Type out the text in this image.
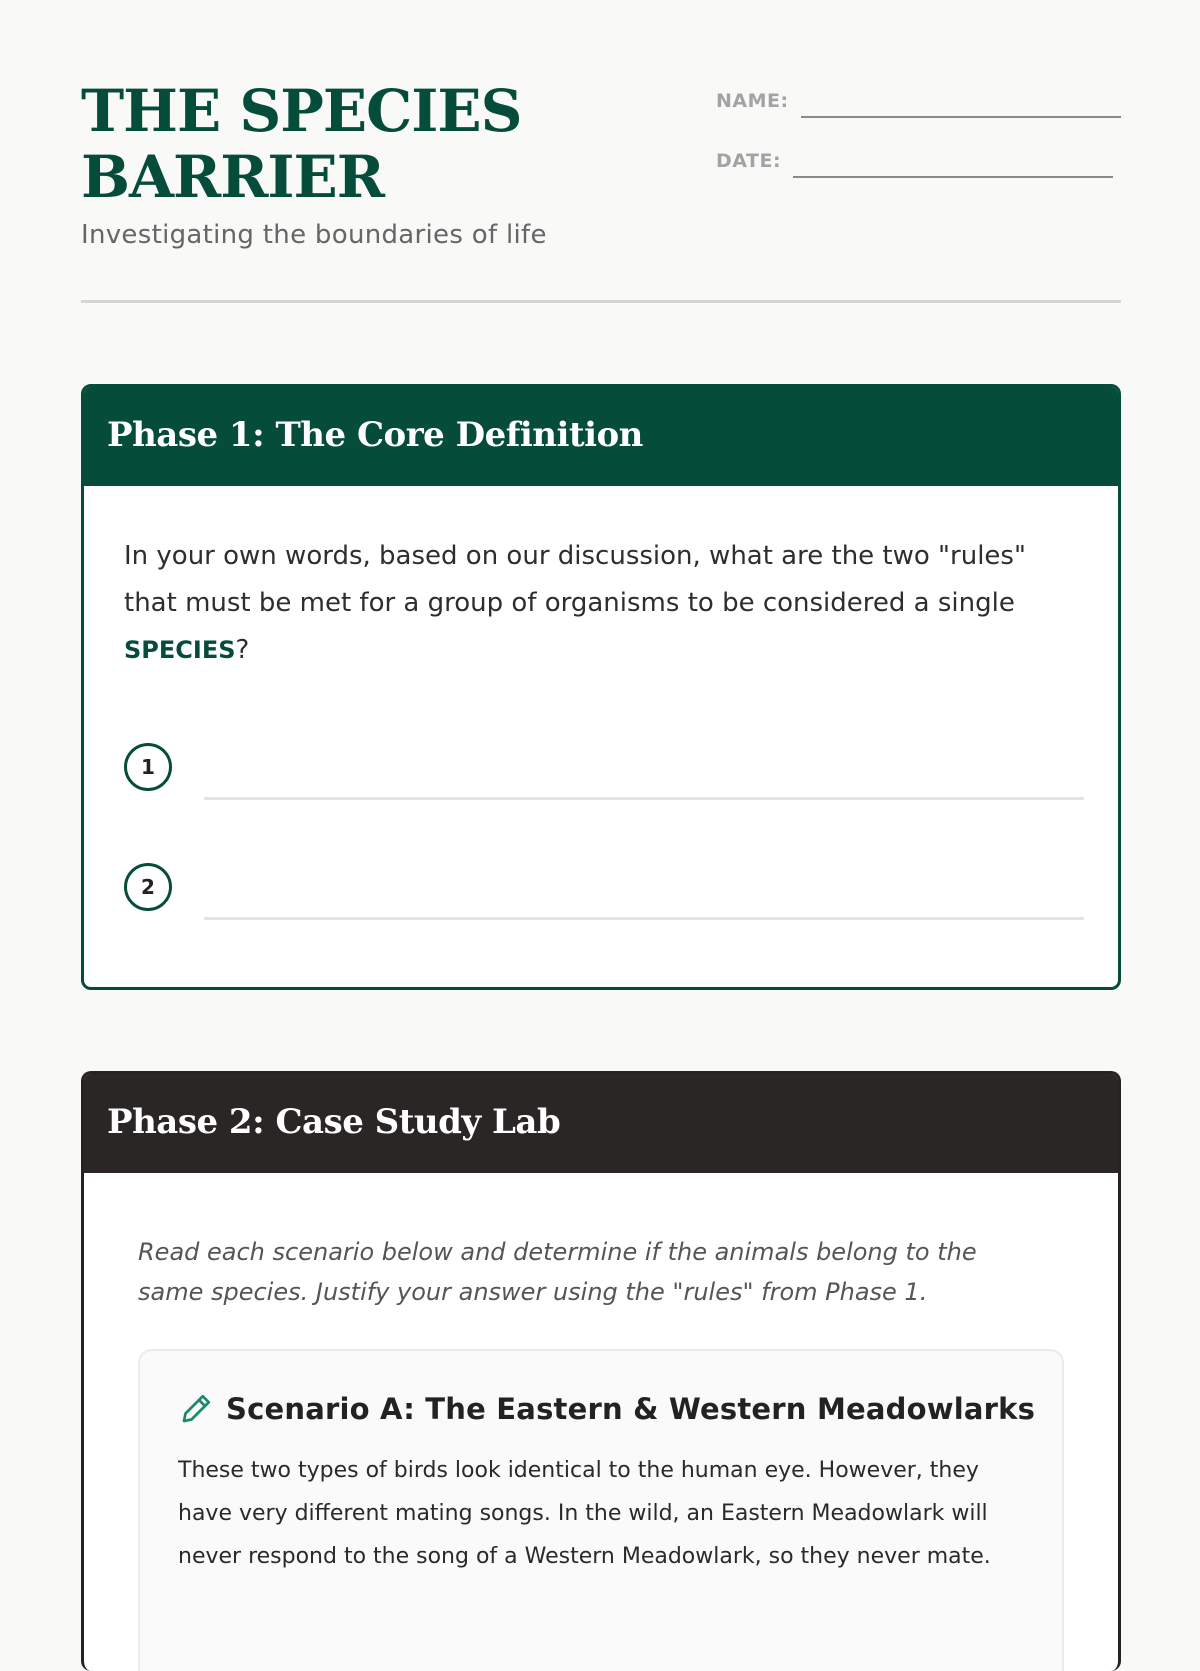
THE SPECIES BARRIER

Investigating the boundaries of life

NAME:
DATE:
Phase 1: The Core Definition

In your own words, based on our discussion, what are the two "rules" that must be met for a group of organisms to be considered a single SPECIES?

1
2
Phase 2: Case Study Lab

Read each scenario below and determine if the animals belong to the same species. Justify your answer using the "rules" from Phase 1.

Scenario A: The Eastern & Western Meadowlarks

These two types of birds look identical to the human eye. However, they have very different mating songs. In the wild, an Eastern Meadowlark will never respond to the song of a Western Meadowlark, so they never mate.
